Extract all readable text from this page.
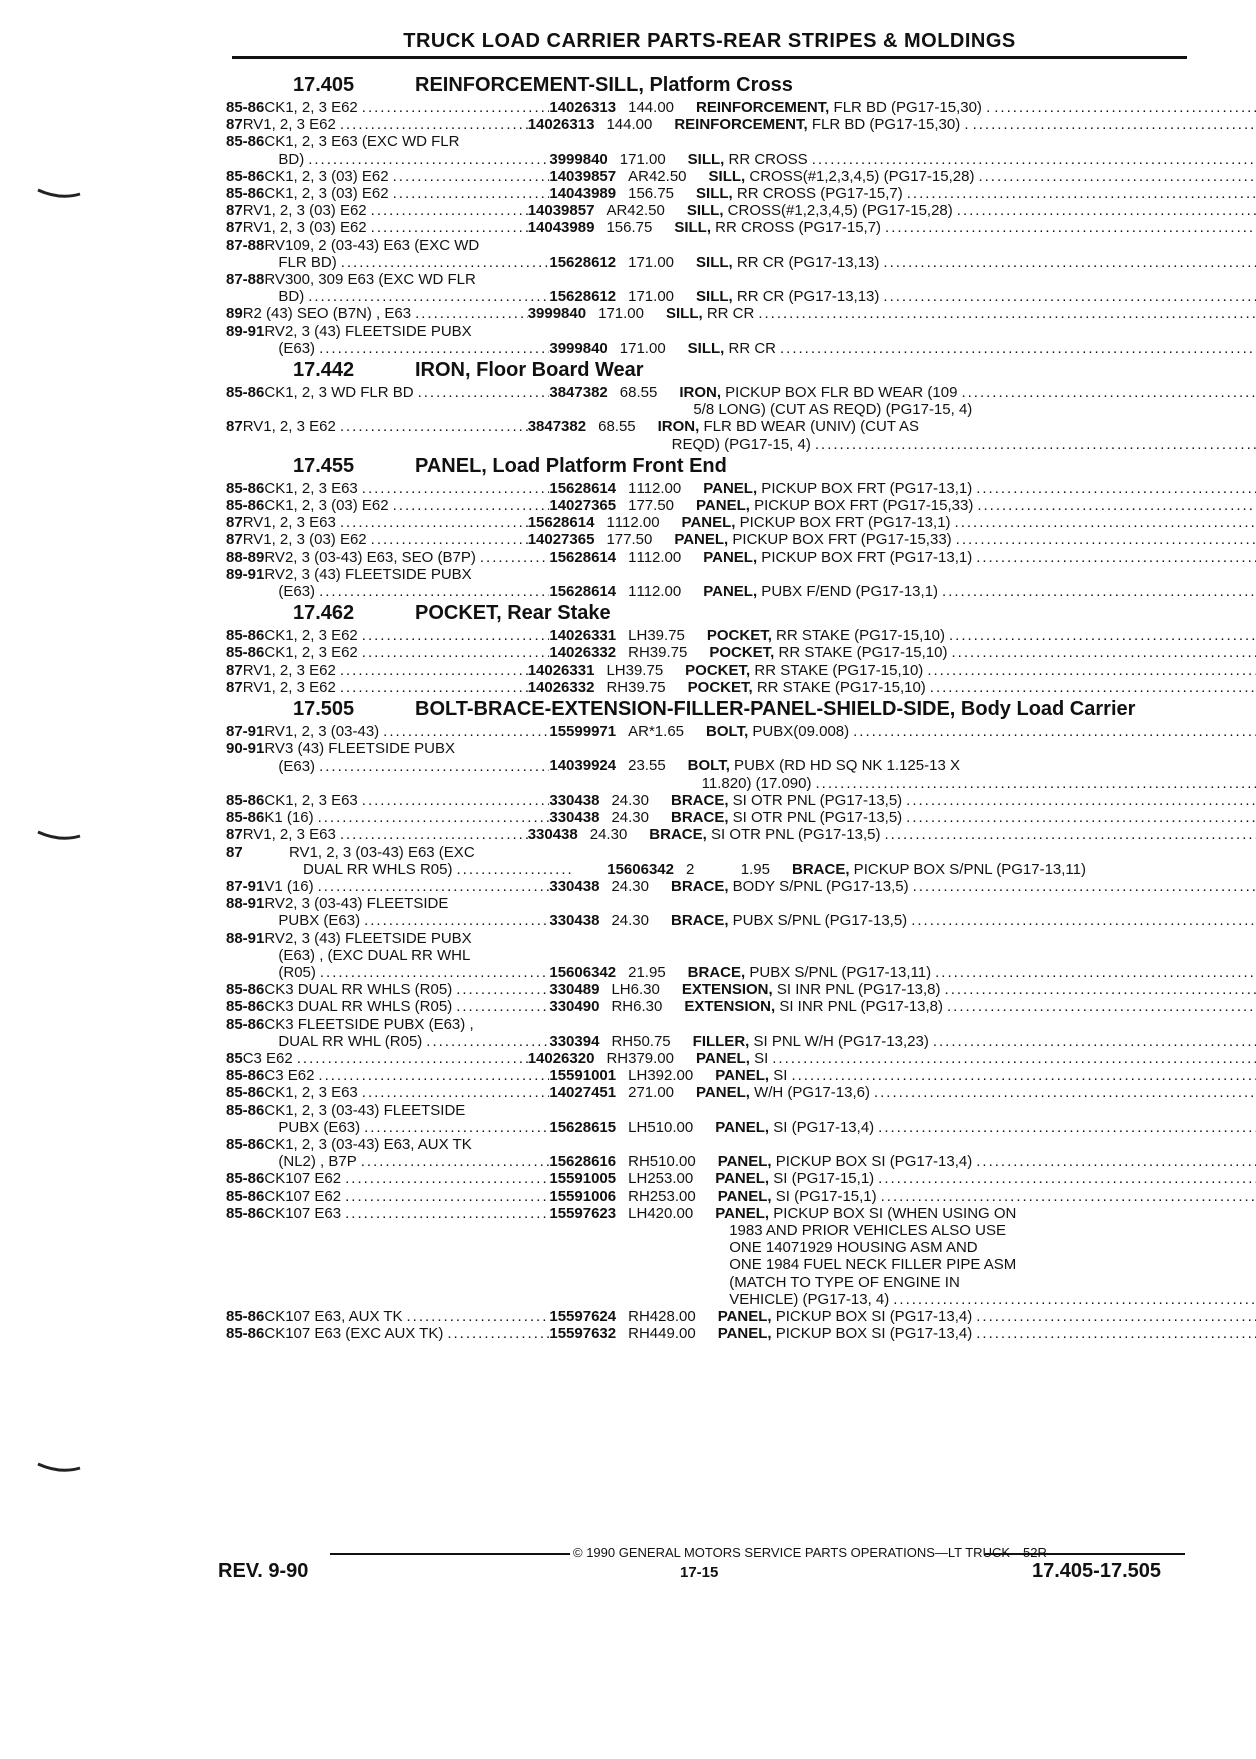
TRUCK LOAD CARRIER PARTS-REAR STRIPES & MOLDINGS
17.405	REINFORCEMENT-SILL, Platform Cross
85-86 CK1, 2, 3 E62 .....	14026313 1 44.00 REINFORCEMENT, FLR BD (PG17-15,30) .
.....
87 RV1, 2, 3 E62 .....	14026313 1 44.00 REINFORCEMENT, FLR BD (PG17-15,30) .
.....
85-86 CK1, 2, 3 E63 (EXC WD FLR
BD) .....	3999840 1 71.00 SILL, RR CROSS
.....
85-86 CK1, 2, 3 (03) E62 .....	14039857 AR 42.50 SILL, CROSS(#1,2,3,4,5) (PG17-15,28)
.....
85-86 CK1, 2, 3 (03) E62 .....	14043989 1 56.75 SILL, RR CROSS (PG17-15,7)
.....
87 RV1, 2, 3 (03) E62 .....	14039857 AR 42.50 SILL, CROSS(#1,2,3,4,5) (PG17-15,28)
.....
87 RV1, 2, 3 (03) E62 .....	14043989 1 56.75 SILL, RR CROSS (PG17-15,7)
.....
87-88 RV109, 2 (03-43) E63 (EXC WD
FLR BD) .....	15628612 1 71.00 SILL, RR CR (PG17-13,13)
.....
87-88 RV300, 309 E63 (EXC WD FLR
BD) .....	15628612 1 71.00 SILL, RR CR (PG17-13,13)
.....
89 R2 (43) SEO (B7N) , E63 .....	3999840 1 71.00 SILL, RR CR
.....
89-91 RV2, 3 (43) FLEETSIDE PUBX
(E63) .....	3999840 1 71.00 SILL, RR CR
.....
17.442	IRON, Floor Board Wear
85-86 CK1, 2, 3 WD FLR BD .....	3847382 6 8.55 IRON, PICKUP BOX FLR BD WEAR (109
.....
5/8 LONG) (CUT AS REQD) (PG17-15, 4)
87 RV1, 2, 3 E62 .....	3847382 6 8.55 IRON, FLR BD WEAR (UNIV) (CUT AS
REQD) (PG17-15, 4)
.....
17.455	PANEL, Load Platform Front End
85-86 CK1, 2, 3 E63 .....	15628614 1 112.00 PANEL, PICKUP BOX FRT (PG17-13,1)
.....
85-86 CK1, 2, 3 (03) E62 .....	14027365 1 77.50 PANEL, PICKUP BOX FRT (PG17-15,33)
.....
87 RV1, 2, 3 E63 .....	15628614 1 112.00 PANEL, PICKUP BOX FRT (PG17-13,1)
.....
87 RV1, 2, 3 (03) E62 .....	14027365 1 77.50 PANEL, PICKUP BOX FRT (PG17-15,33)
.....
88-89 RV2, 3 (03-43) E63, SEO (B7P) .....	15628614 1 112.00 PANEL, PICKUP BOX FRT (PG17-13,1)
.....
89-91 RV2, 3 (43) FLEETSIDE PUBX
(E63) .....	15628614 1 112.00 PANEL, PUBX F/END (PG17-13,1)
.....
17.462	POCKET, Rear Stake
85-86 CK1, 2, 3 E62 .....	14026331 LH 39.75 POCKET, RR STAKE (PG17-15,10)
.....
85-86 CK1, 2, 3 E62 .....	14026332 RH 39.75 POCKET, RR STAKE (PG17-15,10)
.....
87 RV1, 2, 3 E62 .....	14026331 LH 39.75 POCKET, RR STAKE (PG17-15,10)
.....
87 RV1, 2, 3 E62 .....	14026332 RH 39.75 POCKET, RR STAKE (PG17-15,10)
.....
17.505	BOLT-BRACE-EXTENSION-FILLER-PANEL-SHIELD-SIDE, Body Load Carrier
87-91 RV1, 2, 3 (03-43) .....	15599971 AR *1.65 BOLT, PUBX(09.008)
.....
90-91 RV3 (43) FLEETSIDE PUBX
(E63) .....	14039924 2 3.55 BOLT, PUBX (RD HD SQ NK 1.125-13 X
11.820) (17.090)
.....
85-86 CK1, 2, 3 E63 .....	330438 2 4.30 BRACE, SI OTR PNL (PG17-13,5)
.....
85-86 K1 (16) .....	330438 2 4.30 BRACE, SI OTR PNL (PG17-13,5)
.....
87 RV1, 2, 3 E63 .....	330438 2 4.30 BRACE, SI OTR PNL (PG17-13,5)
.....
87	RV1, 2, 3 (03-43) E63 (EXC
DUAL RR WHLS R05) .....	15606342 2	1.95 BRACE, PICKUP BOX S/PNL (PG17-13,11)
87-91 V1 (16) .....	330438 2 4.30 BRACE, BODY S/PNL (PG17-13,5)
.....
88-91 RV2, 3 (03-43) FLEETSIDE
PUBX (E63) .....	330438 2 4.30 BRACE, PUBX S/PNL (PG17-13,5)
.....
88-91 RV2, 3 (43) FLEETSIDE PUBX
(E63) , (EXC DUAL RR WHL
(R05) .....	15606342 2 1.95 BRACE, PUBX S/PNL (PG17-13,11)
.....
85-86 CK3 DUAL RR WHLS (R05) .....	330489 LH 6.30 EXTENSION, SI INR PNL (PG17-13,8)
.....
85-86 CK3 DUAL RR WHLS (R05) .....	330490 RH 6.30 EXTENSION, SI INR PNL (PG17-13,8)
.....
85-86 CK3 FLEETSIDE PUBX (E63) ,
DUAL RR WHL (R05) .....	330394 RH 50.75 FILLER, SI PNL W/H (PG17-13,23)
.....
85 C3 E62 .....	14026320 RH 379.00 PANEL, SI
.....
85-86 C3 E62 .....	15591001 LH 392.00 PANEL, SI
.....
85-86 CK1, 2, 3 E63 .....	14027451 2 71.00 PANEL, W/H (PG17-13,6)
.....
85-86 CK1, 2, 3 (03-43) FLEETSIDE
PUBX (E63) .....	15628615 LH 510.00 PANEL, SI (PG17-13,4)
.....
85-86 CK1, 2, 3 (03-43) E63, AUX TK
(NL2) , B7P .....	15628616 RH 510.00 PANEL, PICKUP BOX SI (PG17-13,4)
.....
85-86 CK107 E62 .....	15591005 LH 253.00 PANEL, SI (PG17-15,1)
.....
85-86 CK107 E62 .....	15591006 RH 253.00 PANEL, SI (PG17-15,1)
.....
85-86 CK107 E63 .....	15597623 LH 420.00 PANEL, PICKUP BOX SI (WHEN USING ON
1983 AND PRIOR VEHICLES ALSO USE
ONE 14071929 HOUSING ASM AND
ONE 1984 FUEL NECK FILLER PIPE ASM
(MATCH TO TYPE OF ENGINE IN
VEHICLE) (PG17-13, 4)
.....
85-86 CK107 E63, AUX TK .....	15597624 RH 428.00 PANEL, PICKUP BOX SI (PG17-13,4)
.....
85-86 CK107 E63 (EXC AUX TK) .....	15597632 RH 449.00 PANEL, PICKUP BOX SI (PG17-13,4)
.....
© 1990 GENERAL MOTORS SERVICE PARTS OPERATIONS—LT TRUCK—52R
REV. 9-90	17-15	17.405-17.505
